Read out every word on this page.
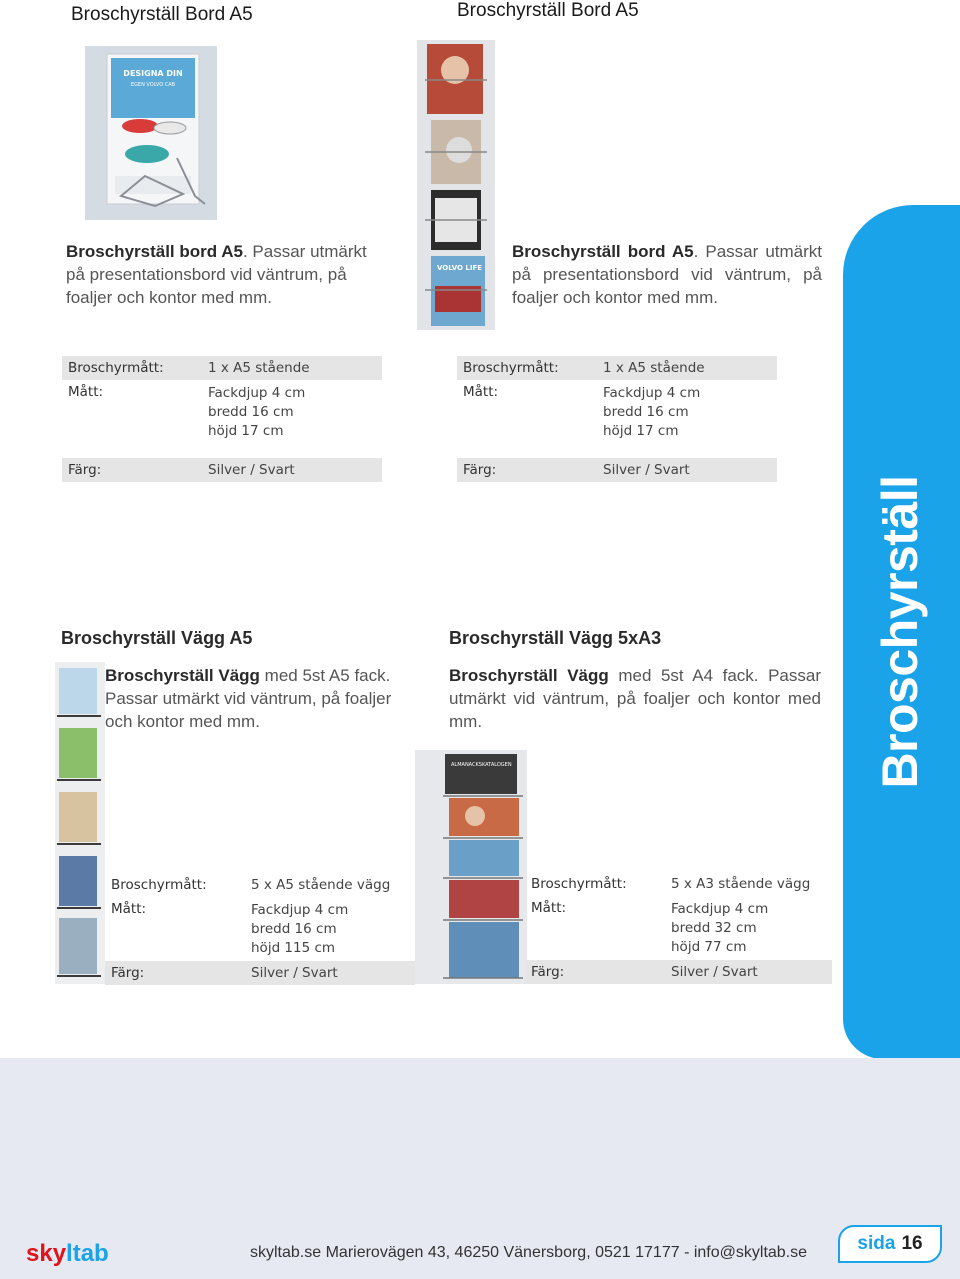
Broschyrställ Bord A5
DESIGNA DIN
EGEN VOLVO CAB
Broschyrställ bord A5. Passar utmärkt på presentationsbord vid väntrum, på foaljer och kontor med mm.
Broschyrmått:	1 x A5 stående
Mått:	Fackdjup 4 cm
bredd 16 cm
höjd 17 cm
Färg:	Silver / Svart
Broschyrställ Bord A5
VOLVO LIFE
Broschyrställ bord A5. Passar utmärkt på presentationsbord vid väntrum, på foaljer och kontor med mm.
Broschyrmått:	1 x A5 stående
Mått:	Fackdjup 4 cm
bredd 16 cm
höjd 17 cm
Färg:	Silver / Svart
Broschyrställ Vägg A5
Broschyrställ Vägg med 5st A5 fack. Passar utmärkt vid väntrum, på foaljer och kontor med mm.
Broschyrmått:	5 x A5 stående vägg
Mått:	Fackdjup 4 cm
bredd 16 cm
höjd 115 cm
Färg:	Silver / Svart
Broschyrställ Vägg 5xA3
Broschyrställ Vägg med 5st A4 fack. Passar utmärkt vid väntrum, på foaljer och kontor med mm.
ALMANACKSKATALOGEN
Broschyrmått:	5 x A3 stående vägg
Mått:	Fackdjup 4 cm
bredd 32 cm
höjd 77 cm
Färg:	Silver / Svart
Broschyrställ
skyltab	skyltab.se Marierovägen 43, 46250 Vänersborg, 0521 17177 - info@skyltab.se	sida 16
